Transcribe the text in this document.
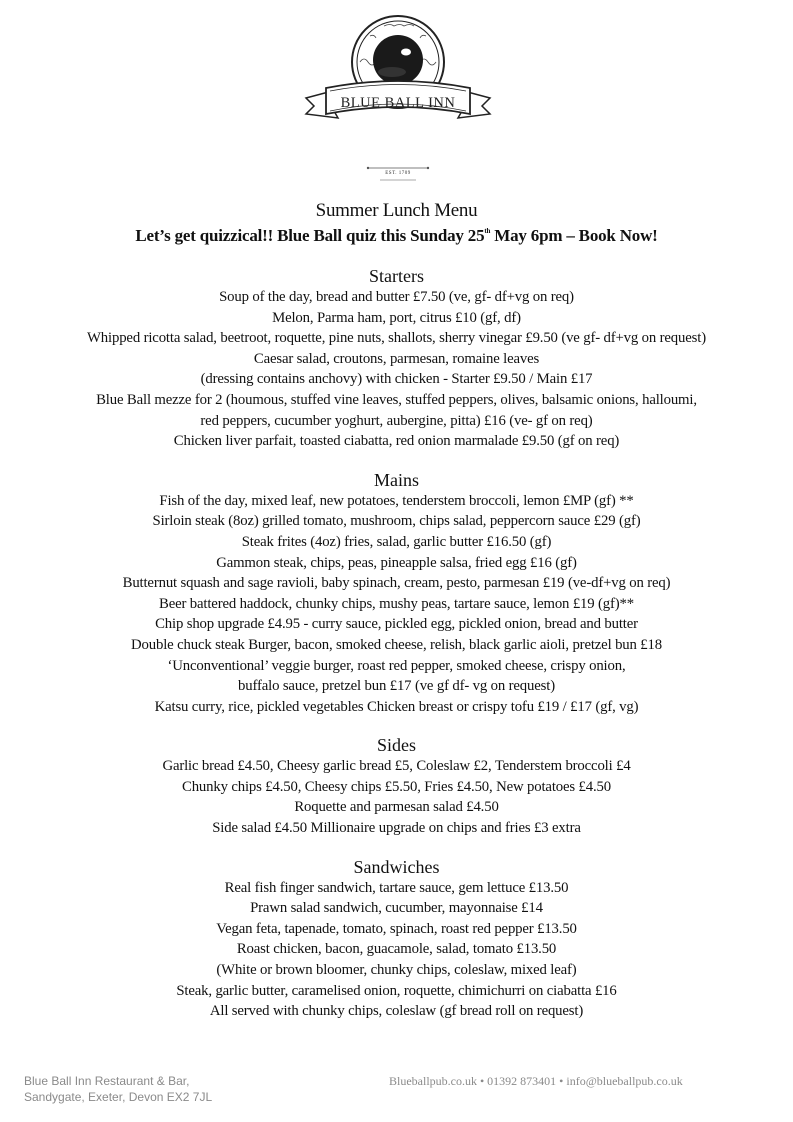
BLUE BALL INN
EST. 1709
Summer Lunch Menu
Let’s get quizzical!! Blue Ball quiz this Sunday 25th May 6pm – Book Now!
Starters
Soup of the day, bread and butter £7.50 (ve, gf- df+vg on req)
Melon, Parma ham, port, citrus £10 (gf, df)
Whipped ricotta salad, beetroot, roquette, pine nuts, shallots, sherry vinegar £9.50 (ve gf- df+vg on request)
Caesar salad, croutons, parmesan, romaine leaves
(dressing contains anchovy) with chicken - Starter £9.50 / Main £17
Blue Ball mezze for 2 (houmous, stuffed vine leaves, stuffed peppers, olives, balsamic onions, halloumi,
red peppers, cucumber yoghurt, aubergine, pitta) £16 (ve- gf on req)
Chicken liver parfait, toasted ciabatta, red onion marmalade £9.50 (gf on req)
Mains
Fish of the day, mixed leaf, new potatoes, tenderstem broccoli, lemon £MP (gf) **
Sirloin steak (8oz) grilled tomato, mushroom, chips salad, peppercorn sauce £29 (gf)
Steak frites (4oz) fries, salad, garlic butter £16.50 (gf)
Gammon steak, chips, peas, pineapple salsa, fried egg £16 (gf)
Butternut squash and sage ravioli, baby spinach, cream, pesto, parmesan £19 (ve-df+vg on req)
Beer battered haddock, chunky chips, mushy peas, tartare sauce, lemon £19 (gf)**
Chip shop upgrade £4.95 - curry sauce, pickled egg, pickled onion, bread and butter
Double chuck steak Burger, bacon, smoked cheese, relish, black garlic aioli, pretzel bun £18
‘Unconventional’ veggie burger, roast red pepper, smoked cheese, crispy onion,
buffalo sauce, pretzel bun £17 (ve gf df- vg on request)
Katsu curry, rice, pickled vegetables Chicken breast or crispy tofu £19 / £17 (gf, vg)
Sides
Garlic bread £4.50, Cheesy garlic bread £5, Coleslaw £2, Tenderstem broccoli £4
Chunky chips £4.50, Cheesy chips £5.50, Fries £4.50, New potatoes £4.50
Roquette and parmesan salad £4.50
Side salad £4.50 Millionaire upgrade on chips and fries £3 extra
Sandwiches
Real fish finger sandwich, tartare sauce, gem lettuce £13.50
Prawn salad sandwich, cucumber, mayonnaise £14
Vegan feta, tapenade, tomato, spinach, roast red pepper £13.50
Roast chicken, bacon, guacamole, salad, tomato £13.50
(White or brown bloomer, chunky chips, coleslaw, mixed leaf)
Steak, garlic butter, caramelised onion, roquette, chimichurri on ciabatta £16
All served with chunky chips, coleslaw (gf bread roll on request)
Blue Ball Inn Restaurant & Bar,
Sandygate, Exeter, Devon EX2 7JL
Blueballpub.co.uk • 01392 873401 • info@blueballpub.co.uk
